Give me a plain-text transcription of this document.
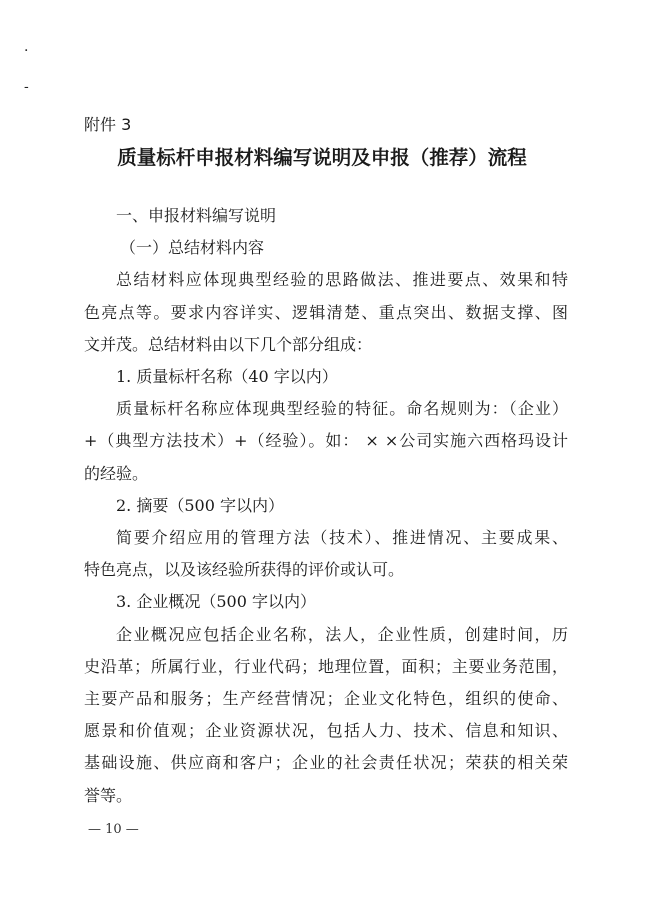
·
-
附件 3
质量标杆申报材料编写说明及申报（推荐）流程
一、申报材料编写说明
（一）总结材料内容
总结材料应体现典型经验的思路做法、推进要点、效果和特
色亮点等。要求内容详实、逻辑清楚、重点突出、数据支撑、图
文并茂。总结材料由以下几个部分组成：
1. 质量标杆名称（40 字以内）
质量标杆名称应体现典型经验的特征。命名规则为：（企业）
+（典型方法技术）+（经验）。如： × ×公司实施六西格玛设计
的经验。
2. 摘要（500 字以内）
简要介绍应用的管理方法（技术）、推进情况、主要成果、
特色亮点，以及该经验所获得的评价或认可。
3. 企业概况（500 字以内）
企业概况应包括企业名称，法人，企业性质，创建时间，历
史沿革；所属行业，行业代码；地理位置，面积；主要业务范围，
主要产品和服务；生产经营情况；企业文化特色，组织的使命、
愿景和价值观；企业资源状况，包括人力、技术、信息和知识、
基础设施、供应商和客户；企业的社会责任状况；荣获的相关荣
誉等。
— 10 —
